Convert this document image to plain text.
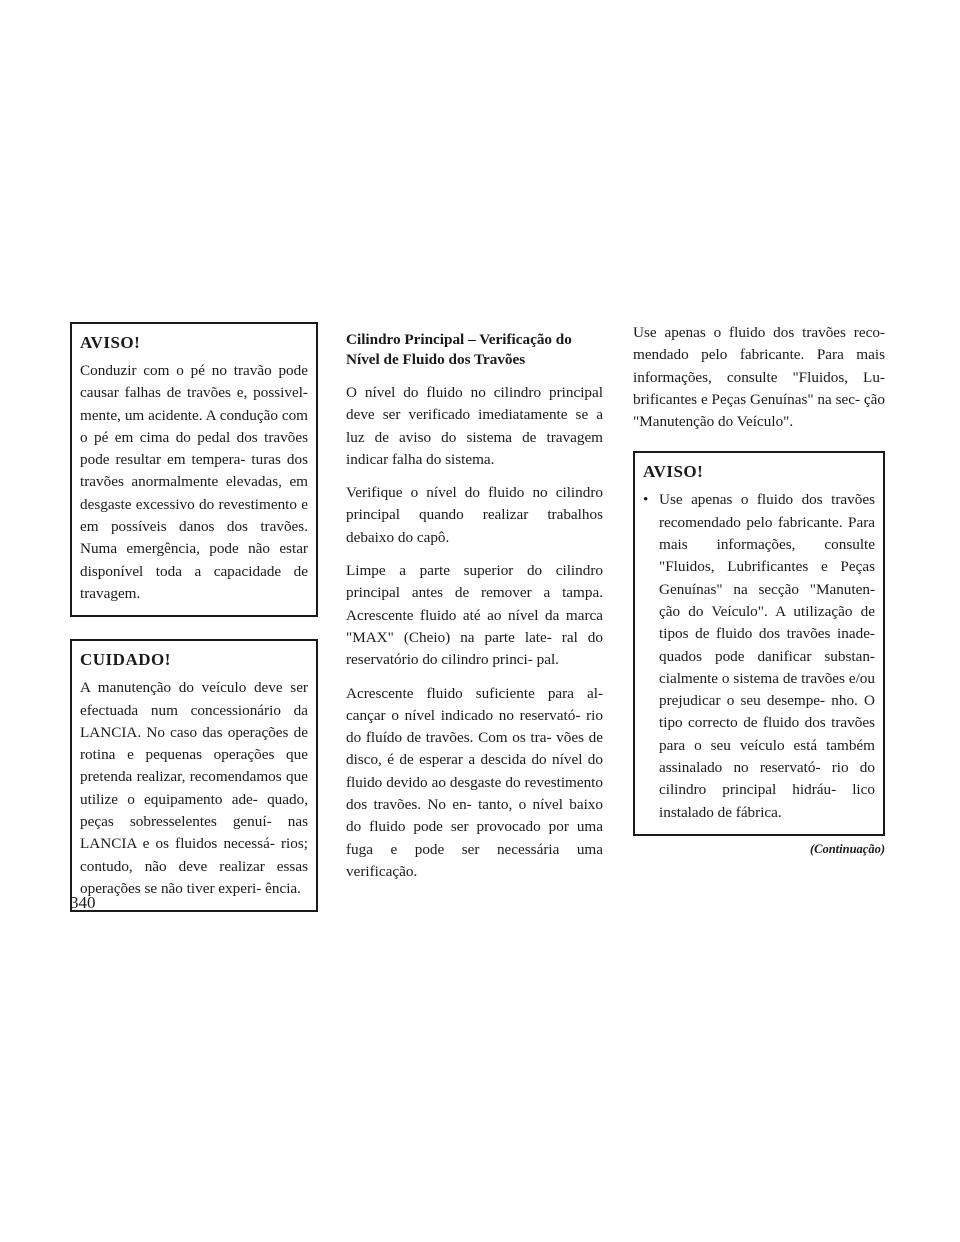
AVISO!

Conduzir com o pé no travão pode causar falhas de travões e, possivel- mente, um acidente. A condução com o pé em cima do pedal dos travões pode resultar em tempera- turas dos travões anormalmente elevadas, em desgaste excessivo do revestimento e em possíveis danos dos travões. Numa emergência, pode não estar disponível toda a capacidade de travagem.

CUIDADO!

A manutenção do veículo deve ser efectuada num concessionário da LANCIA. No caso das operações de rotina e pequenas operações que pretenda realizar, recomendamos que utilize o equipamento ade- quado, peças sobresselentes genuí- nas LANCIA e os fluidos necessá- rios; contudo, não deve realizar essas operações se não tiver experi- ência.

Cilindro Principal – Verificação do Nível de Fluido dos Travões

O nível do fluido no cilindro principal deve ser verificado imediatamente se a luz de aviso do sistema de travagem indicar falha do sistema.

Verifique o nível do fluido no cilindro principal quando realizar trabalhos debaixo do capô.

Limpe a parte superior do cilindro principal antes de remover a tampa. Acrescente fluido até ao nível da marca "MAX" (Cheio) na parte late- ral do reservatório do cilindro princi- pal.

Acrescente fluido suficiente para al- cançar o nível indicado no reservató- rio do fluído de travões. Com os tra- vões de disco, é de esperar a descida do nível do fluido devido ao desgaste do revestimento dos travões. No en- tanto, o nível baixo do fluido pode ser provocado por uma fuga e pode ser necessária uma verificação.

Use apenas o fluido dos travões reco- mendado pelo fabricante. Para mais informações, consulte "Fluidos, Lu- brificantes e Peças Genuínas" na sec- ção "Manutenção do Veículo".

AVISO!

• Use apenas o fluido dos travões recomendado pelo fabricante. Para mais informações, consulte "Fluidos, Lubrificantes e Peças Genuínas" na secção "Manuten- ção do Veículo". A utilização de tipos de fluido dos travões inade- quados pode danificar substan- cialmente o sistema de travões e/ou prejudicar o seu desempe- nho. O tipo correcto de fluido dos travões para o seu veículo está também assinalado no reservató- rio do cilindro principal hidráu- lico instalado de fábrica.
(Continuação)
340
